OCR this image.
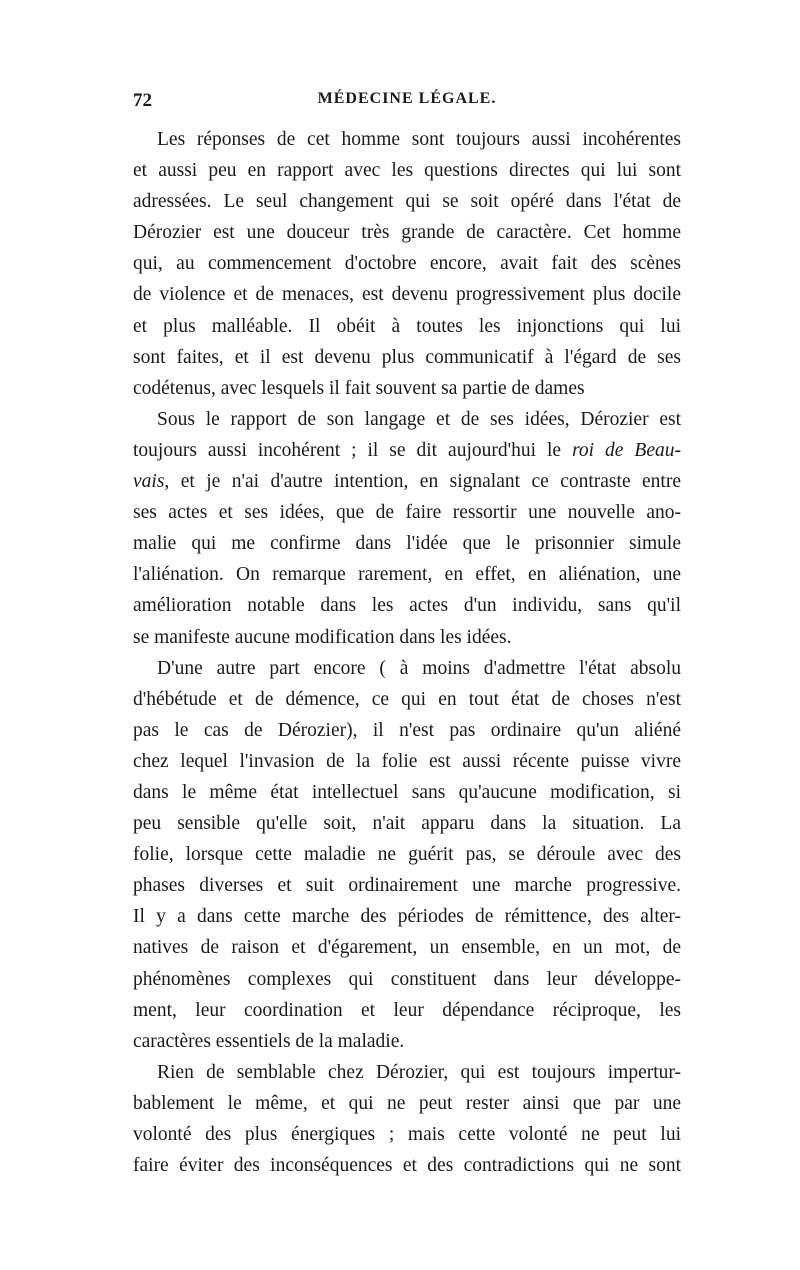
72	MÉDECINE LÉGALE.
Les réponses de cet homme sont toujours aussi incohérentes
et aussi peu en rapport avec les questions directes qui lui sont
adressées. Le seul changement qui se soit opéré dans l'état de
Dérozier est une douceur très grande de caractère. Cet homme
qui, au commencement d'octobre encore, avait fait des scènes
de violence et de menaces, est devenu progressivement plus docile
et plus malléable. Il obéit à toutes les injonctions qui lui
sont faites, et il est devenu plus communicatif à l'égard de ses
codétenus, avec lesquels il fait souvent sa partie de dames
Sous le rapport de son langage et de ses idées, Dérozier est
toujours aussi incohérent ; il se dit aujourd'hui le roi de Beau-
vais, et je n'ai d'autre intention, en signalant ce contraste entre
ses actes et ses idées, que de faire ressortir une nouvelle ano-
malie qui me confirme dans l'idée que le prisonnier simule
l'aliénation. On remarque rarement, en effet, en aliénation, une
amélioration notable dans les actes d'un individu, sans qu'il
se manifeste aucune modification dans les idées.
D'une autre part encore ( à moins d'admettre l'état absolu
d'hébétude et de démence, ce qui en tout état de choses n'est
pas le cas de Dérozier), il n'est pas ordinaire qu'un aliéné
chez lequel l'invasion de la folie est aussi récente puisse vivre
dans le même état intellectuel sans qu'aucune modification, si
peu sensible qu'elle soit, n'ait apparu dans la situation. La
folie, lorsque cette maladie ne guérit pas, se déroule avec des
phases diverses et suit ordinairement une marche progressive.
Il y a dans cette marche des périodes de rémittence, des alter-
natives de raison et d'égarement, un ensemble, en un mot, de
phénomènes complexes qui constituent dans leur développe-
ment, leur coordination et leur dépendance réciproque, les
caractères essentiels de la maladie.
Rien de semblable chez Dérozier, qui est toujours impertur-
bablement le même, et qui ne peut rester ainsi que par une
volonté des plus énergiques ; mais cette volonté ne peut lui
faire éviter des inconséquences et des contradictions qui ne sont
